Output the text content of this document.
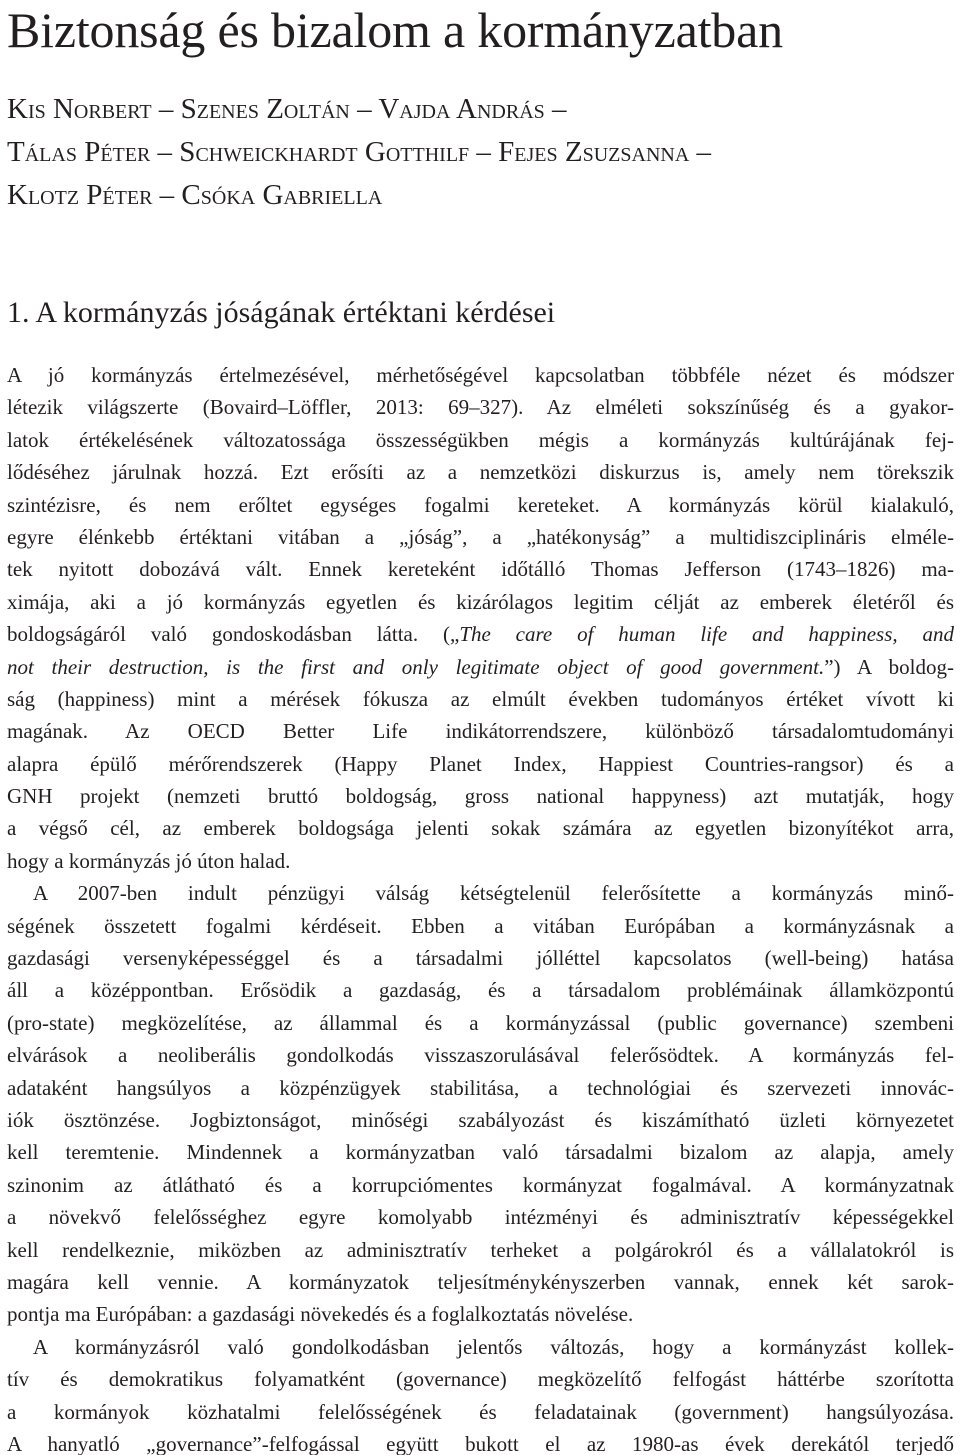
Biztonság és bizalom a kormányzatban
Kis Norbert – Szenes Zoltán – Vajda András –
Tálas Péter – Schweickhardt Gotthilf – Fejes Zsuzsanna –
Klotz Péter – Csóka Gabriella
1. A kormányzás jóságának értéktani kérdései
A jó kormányzás értelmezésével, mérhetőségével kapcsolatban többféle nézet és módszer
létezik világszerte (Bovaird–Löffler, 2013: 69–327). Az elméleti sokszínűség és a gyakor-
latok értékelésének változatossága összességükben mégis a kormányzás kultúrájának fej-
lődéséhez járulnak hozzá. Ezt erősíti az a nemzetközi diskurzus is, amely nem törekszik
szintézisre, és nem erőltet egységes fogalmi kereteket. A kormányzás körül kialakuló,
egyre élénkebb értéktani vitában a „jóság”, a „hatékonyság” a multidiszciplináris elméle-
tek nyitott dobozává vált. Ennek kereteként időtálló Thomas Jefferson (1743–1826) ma-
ximája, aki a jó kormányzás egyetlen és kizárólagos legitim célját az emberek életéről és
boldogságáról való gondoskodásban látta. („The care of human life and happiness, and
not their destruction, is the first and only legitimate object of good government.”) A boldog-
ság (happiness) mint a mérések fókusza az elmúlt években tudományos értéket vívott ki
magának. Az OECD Better Life indikátorrendszere, különböző társadalomtudományi
alapra épülő mérőrendszerek (Happy Planet Index, Happiest Countries-rangsor) és a
GNH projekt (nemzeti bruttó boldogság, gross national happyness) azt mutatják, hogy
a végső cél, az emberek boldogsága jelenti sokak számára az egyetlen bizonyítékot arra,
hogy a kormányzás jó úton halad.
A 2007-ben indult pénzügyi válság kétségtelenül felerősítette a kormányzás minő-
ségének összetett fogalmi kérdéseit. Ebben a vitában Európában a kormányzásnak a
gazdasági versenyképességgel és a társadalmi jólléttel kapcsolatos (well-being) hatása
áll a középpontban. Erősödik a gazdaság, és a társadalom problémáinak államközpontú
(pro-state) megközelítése, az állammal és a kormányzással (public governance) szembeni
elvárások a neoliberális gondolkodás visszaszorulásával felerősödtek. A kormányzás fel-
adataként hangsúlyos a közpénzügyek stabilitása, a technológiai és szervezeti innovác-
iók ösztönzése. Jogbiztonságot, minőségi szabályozást és kiszámítható üzleti környezetet
kell teremtenie. Mindennek a kormányzatban való társadalmi bizalom az alapja, amely
szinonim az átlátható és a korrupciómentes kormányzat fogalmával. A kormányzatnak
a növekvő felelősséghez egyre komolyabb intézményi és adminisztratív képességekkel
kell rendelkeznie, miközben az adminisztratív terheket a polgárokról és a vállalatokról is
magára kell vennie. A kormányzatok teljesítménykényszerben vannak, ennek két sarok-
pontja ma Európában: a gazdasági növekedés és a foglalkoztatás növelése.
A kormányzásról való gondolkodásban jelentős változás, hogy a kormányzást kollek-
tív és demokratikus folyamatként (governance) megközelítő felfogást háttérbe szorította
a kormányok közhatalmi felelősségének és feladatainak (government) hangsúlyozása.
A hanyatló „governance”-felfogással együtt bukott el az 1980-as évek derekától terjedő
